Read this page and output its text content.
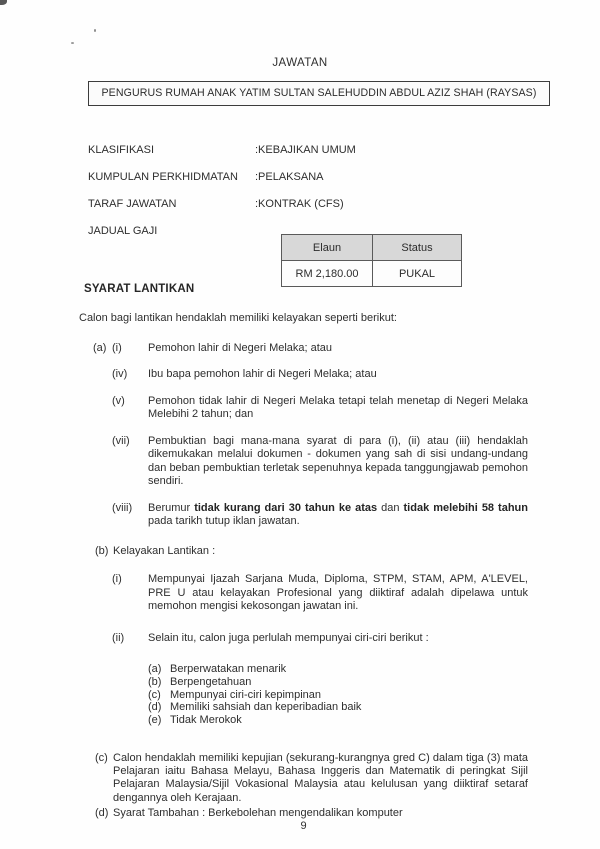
JAWATAN
PENGURUS RUMAH ANAK YATIM SULTAN SALEHUDDIN ABDUL AZIZ SHAH (RAYSAS)
KLASIFIKASI	:KEBAJIKAN UMUM
KUMPULAN PERKHIDMATAN	:PELAKSANA
TARAF JAWATAN	:KONTRAK (CFS)
JADUAL GAJI
Elaun	Status
RM 2,180.00	PUKAL
SYARAT LANTIKAN

Calon bagi lantikan hendaklah memiliki kelayakan seperti berikut:

(a) (i)	Pemohon lahir di Negeri Melaka; atau
(iv)	Ibu bapa pemohon lahir di Negeri Melaka; atau
(v)	Pemohon tidak lahir di Negeri Melaka tetapi telah menetap di Negeri Melaka Melebihi 2 tahun; dan
(vii)	Pembuktian bagi mana-mana syarat di para (i), (ii) atau (iii) hendaklah dikemukakan melalui dokumen - dokumen yang sah di sisi undang-undang dan beban pembuktian terletak sepenuhnya kepada tanggungjawab pemohon sendiri.
(viii)	Berumur tidak kurang dari 30 tahun ke atas dan tidak melebihi 58 tahun pada tarikh tutup iklan jawatan.
(b) Kelayakan Lantikan :
(i)	Mempunyai Ijazah Sarjana Muda, Diploma, STPM, STAM, APM, A'LEVEL, PRE U atau kelayakan Profesional yang diiktiraf adalah dipelawa untuk memohon mengisi kekosongan jawatan ini.
(ii)	Selain itu, calon juga perlulah mempunyai ciri-ciri berikut :
(a) Berperwatakan menarik
(b) Berpengetahuan
(c) Mempunyai ciri-ciri kepimpinan
(d) Memiliki sahsiah dan keperibadian baik
(e) Tidak Merokok
(c) Calon hendaklah memiliki kepujian (sekurang-kurangnya gred C) dalam tiga (3) mata Pelajaran iaitu Bahasa Melayu, Bahasa Inggeris dan Matematik di peringkat Sijil Pelajaran Malaysia/Sijil Vokasional Malaysia atau kelulusan yang diiktiraf setaraf dengannya oleh Kerajaan.
(d) Syarat Tambahan : Berkebolehan mengendalikan komputer
9
